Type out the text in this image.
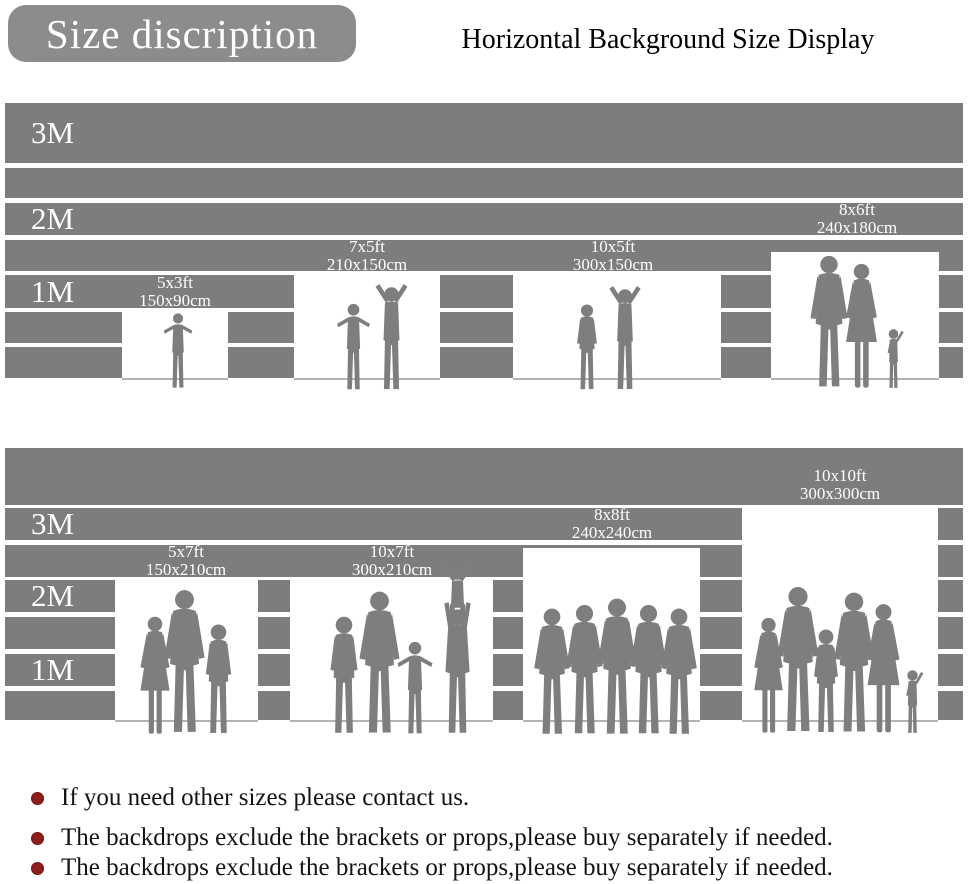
Size discription	Horizontal Background Size Display
3M
2M
1M	5x3ft
150x90cm
7x5ft
210x150cm
10x5ft
300x150cm
8x6ft
240x180cm
3M
2M
1M
5x7ft
150x210cm
10x7ft
300x210cm
8x8ft
240x240cm
10x10ft
300x300cm
If you need other sizes please contact us.
The backdrops exclude the brackets or props,please buy separately if needed.
The backdrops exclude the brackets or props,please buy separately if needed.
